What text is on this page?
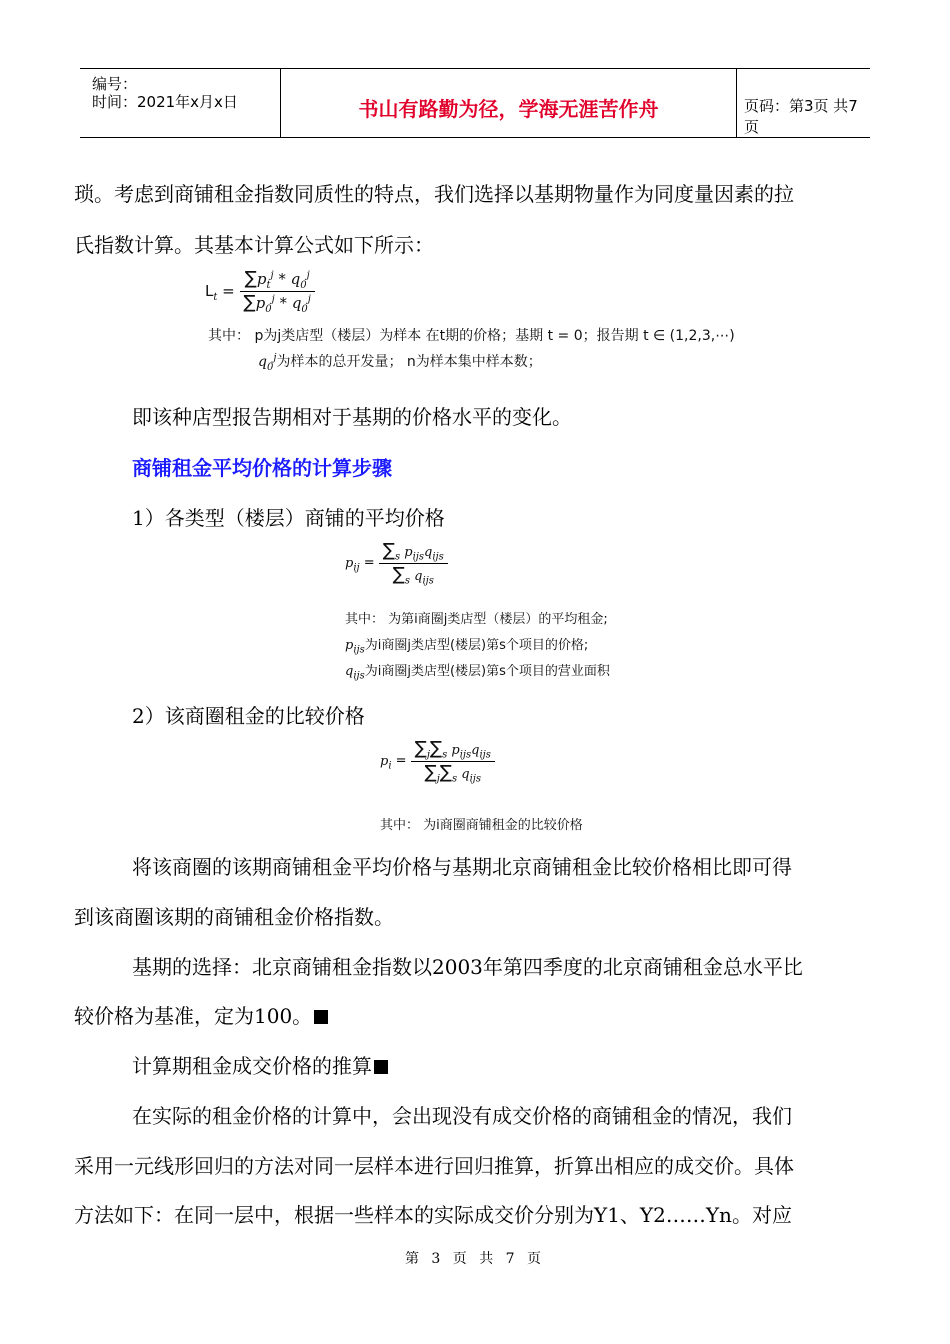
编号：
时间：2021年x月x日	书山有路勤为径，学海无涯苦作舟	页码：第3页 共7页
琐。考虑到商铺租金指数同质性的特点，我们选择以基期物量作为同度量因素的拉
氏指数计算。其基本计算公式如下所示：
$L_t = \frac{\sum p_t^j * q_0^j}{\sum p_0^j * q_0^j}$
其中： p为j类店型（楼层）为样本 在t期的价格；基期 t = 0；报告期 t ∈ (1,2,3,⋯)
$q_0^j$为样本的总开发量； n为样本集中样本数；
即该种店型报告期相对于基期的价格水平的变化。
商铺租金平均价格的计算步骤
1）各类型（楼层）商铺的平均价格
$p_{ij} = \frac{\sum_s p_{ijs}q_{ijs}}{\sum_s q_{ijs}}$
其中： 为第i商圈j类店型（楼层）的平均租金;
$p_{ijs}$为i商圈j类店型(楼层)第s个项目的价格;
$q_{ijs}$为i商圈j类店型(楼层)第s个项目的营业面积
2）该商圈租金的比较价格
$p_i = \frac{\sum_j\sum_s p_{ijs}q_{ijs}}{\sum_j\sum_s q_{ijs}}$
其中： 为i商圈商铺租金的比较价格
将该商圈的该期商铺租金平均价格与基期北京商铺租金比较价格相比即可得
到该商圈该期的商铺租金价格指数。
基期的选择：北京商铺租金指数以2003年第四季度的北京商铺租金总水平比
较价格为基准，定为100。
计算期租金成交价格的推算
在实际的租金价格的计算中，会出现没有成交价格的商铺租金的情况，我们
采用一元线形回归的方法对同一层样本进行回归推算，折算出相应的成交价。具体
方法如下：在同一层中，根据一些样本的实际成交价分别为Y1、Y2……Yn。对应
第 3 页 共 7 页
